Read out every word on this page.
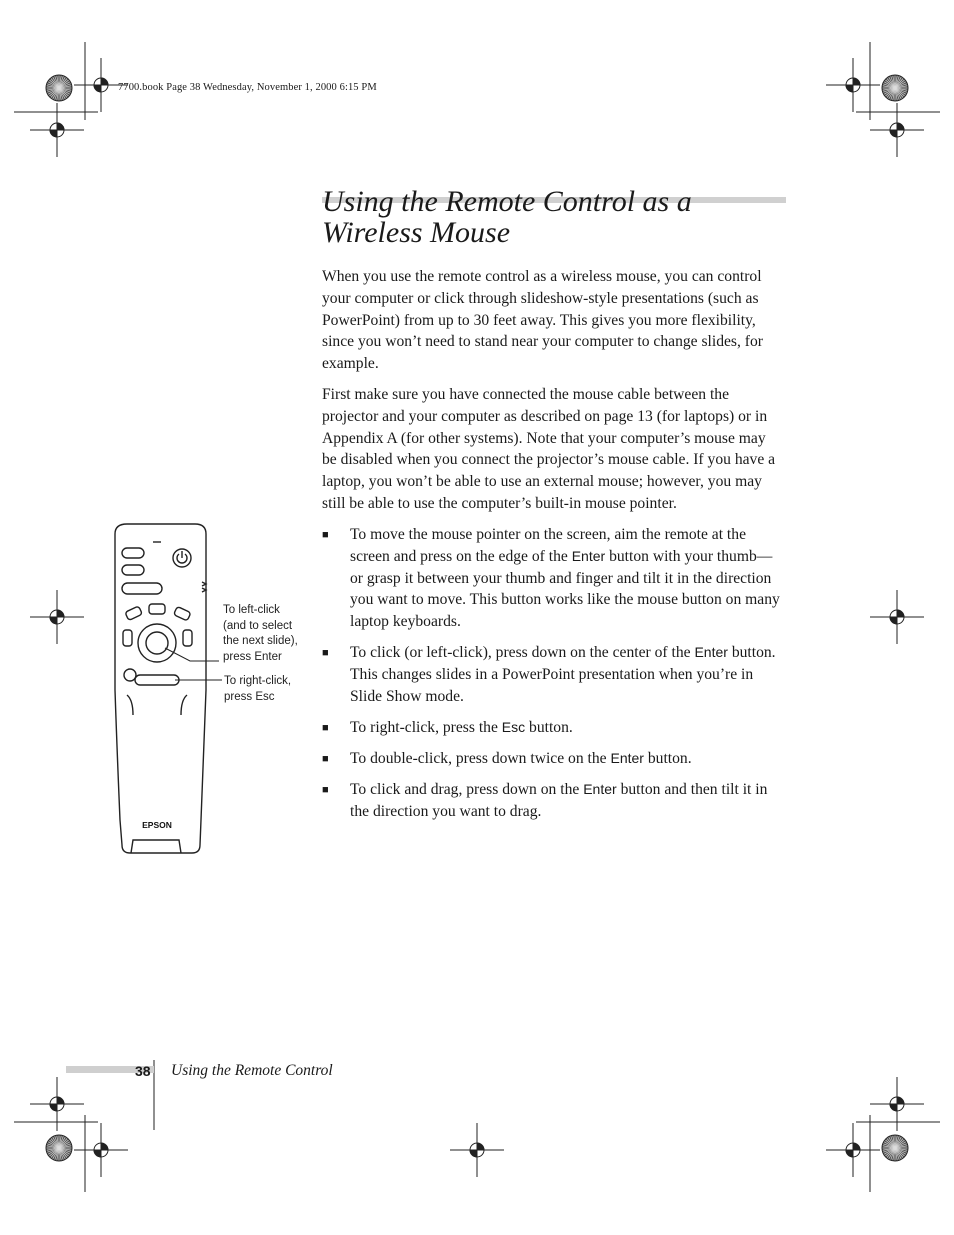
7700.book Page 38 Wednesday, November 1, 2000 6:15 PM
Using the Remote Control as a Wireless Mouse

When you use the remote control as a wireless mouse, you can control your computer or click through slideshow-style presentations (such as PowerPoint) from up to 30 feet away. This gives you more flexibility, since you won’t need to stand near your computer to change slides, for example.

First make sure you have connected the mouse cable between the projector and your computer as described on page 13 (for laptops) or in Appendix A (for other systems). Note that your computer’s mouse may be disabled when you connect the projector’s mouse cable. If you have a laptop, you won’t be able to use an external mouse; however, you may still be able to use the computer’s built-in mouse pointer.

■ To move the mouse pointer on the screen, aim the remote at the screen and press on the edge of the Enter button with your thumb—or grasp it between your thumb and finger and tilt it in the direction you want to move. This button works like the mouse button on many laptop keyboards.
■ To click (or left-click), press down on the center of the Enter button. This changes slides in a PowerPoint presentation when you’re in Slide Show mode.
■ To right-click, press the Esc button.
■ To double-click, press down twice on the Enter button.
■ To click and drag, press down on the Enter button and then tilt it in the direction you want to drag.
EPSON
To left-click
(and to select
the next slide),
press Enter
To right-click,
press Esc
38 Using the Remote Control
